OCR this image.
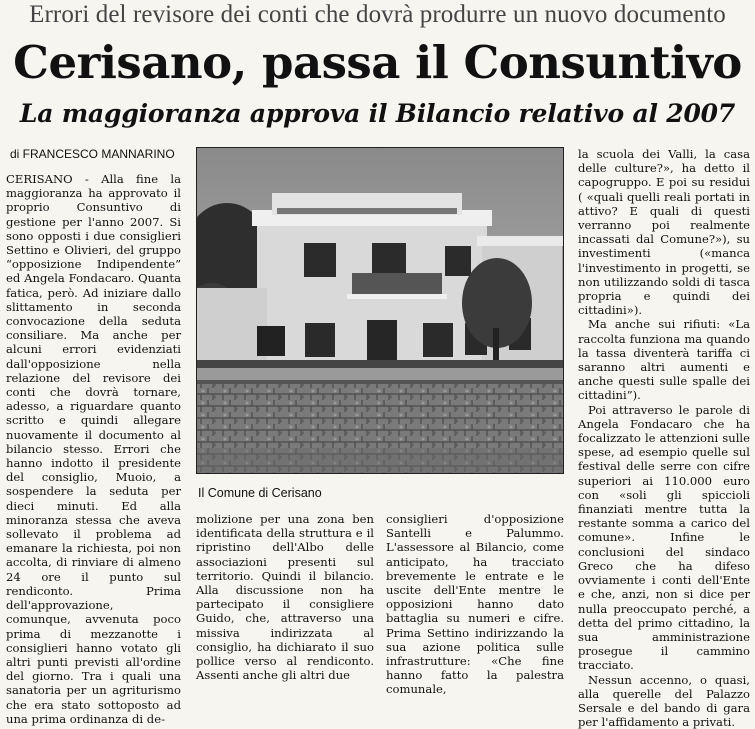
Errori del revisore dei conti che dovrà produrre un nuovo documento
Cerisano, passa il Consuntivo
La maggioranza approva il Bilancio relativo al 2007
di FRANCESCO MANNARINO

CERISANO - Alla fine la maggioranza ha approvato il proprio Consuntivo di gestione per l'anno 2007. Si sono opposti i due consiglieri Settino e Olivieri, del gruppo “opposizione Indipendente” ed Angela Fondacaro. Quanta fatica, però. Ad iniziare dallo slittamento in seconda convocazione della seduta consiliare. Ma anche per alcuni errori evidenziati dall'opposizione nella relazione del revisore dei conti che dovrà tornare, adesso, a riguardare quanto scritto e quindi allegare nuovamente il documento al bilancio stesso. Errori che hanno indotto il presidente del consiglio, Muoio, a sospendere la seduta per dieci minuti. Ed alla minoranza stessa che aveva sollevato il problema ad emanare la richiesta, poi non accolta, di rinviare di almeno 24 ore il punto sul rendiconto. Prima dell'approvazione, comunque, avvenuta poco prima di mezzanotte i consiglieri hanno votato gli altri punti previsti all'ordine del giorno. Tra i quali una sanatoria per un agriturismo che era stato sottoposto ad una prima ordinanza di de-

Il Comune di Cerisano

molizione per una zona ben identificata della struttura e il ripristino dell'Albo delle associazioni presenti sul territorio. Quindi il bilancio. Alla discussione non ha partecipato il consigliere Guido, che, attraverso una missiva indirizzata al consiglio, ha dichiarato il suo pollice verso al rendiconto. Assenti anche gli altri due

consiglieri d'opposizione Santelli e Palummo. L'assessore al Bilancio, come anticipato, ha tracciato brevemente le entrate e le uscite dell'Ente mentre le opposizioni hanno dato battaglia su numeri e cifre. Prima Settino indirizzando la sua azione politica sulle infrastrutture: «Che fine hanno fatto la palestra comunale,

la scuola dei Valli, la casa delle culture?», ha detto il capogruppo. E poi su residui ( «quali quelli reali portati in attivo? E quali di questi verranno poi realmente incassati dal Comune?»), su investimenti («manca l'investimento in progetti, se non utilizzando soldi di tasca propria e quindi dei cittadini»).

Ma anche sui rifiuti: «La raccolta funziona ma quando la tassa diventerà tariffa ci saranno altri aumenti e anche questi sulle spalle dei cittadini”).

Poi attraverso le parole di Angela Fondacaro che ha focalizzato le attenzioni sulle spese, ad esempio quelle sul festival delle serre con cifre superiori ai 110.000 euro con «soli gli spiccioli finanziati mentre tutta la restante somma a carico del comune». Infine le conclusioni del sindaco Greco che ha difeso ovviamente i conti dell'Ente e che, anzi, non si dice per nulla preoccupato perché, a detta del primo cittadino, la sua amministrazione prosegue il cammino tracciato.

Nessun accenno, o quasi, alla querelle del Palazzo Sersale e del bando di gara per l'affidamento a privati.
